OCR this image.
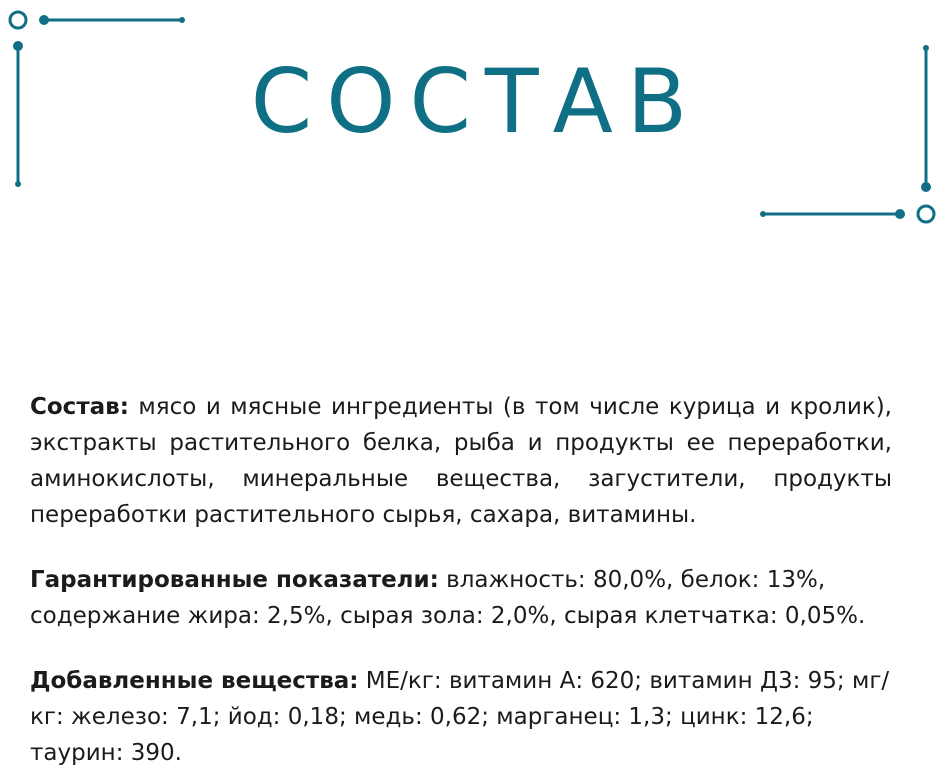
СОСТАВ

Состав: мясо и мясные ингредиенты (в том числе курица и кролик), экстракты растительного белка, рыба и продукты ее переработки, аминокислоты, минеральные вещества, загустители, продукты переработки растительного сырья, сахара, витамины.

Гарантированные показатели: влажность: 80,0%, белок: 13%, содержание жира: 2,5%, сырая зола: 2,0%, сырая клетчатка: 0,05%.

Добавленные вещества: МЕ/кг: витамин А: 620; витамин Д3: 95; мг/кг: железо: 7,1; йод: 0,18; медь: 0,62; марганец: 1,3; цинк: 12,6; таурин: 390.
